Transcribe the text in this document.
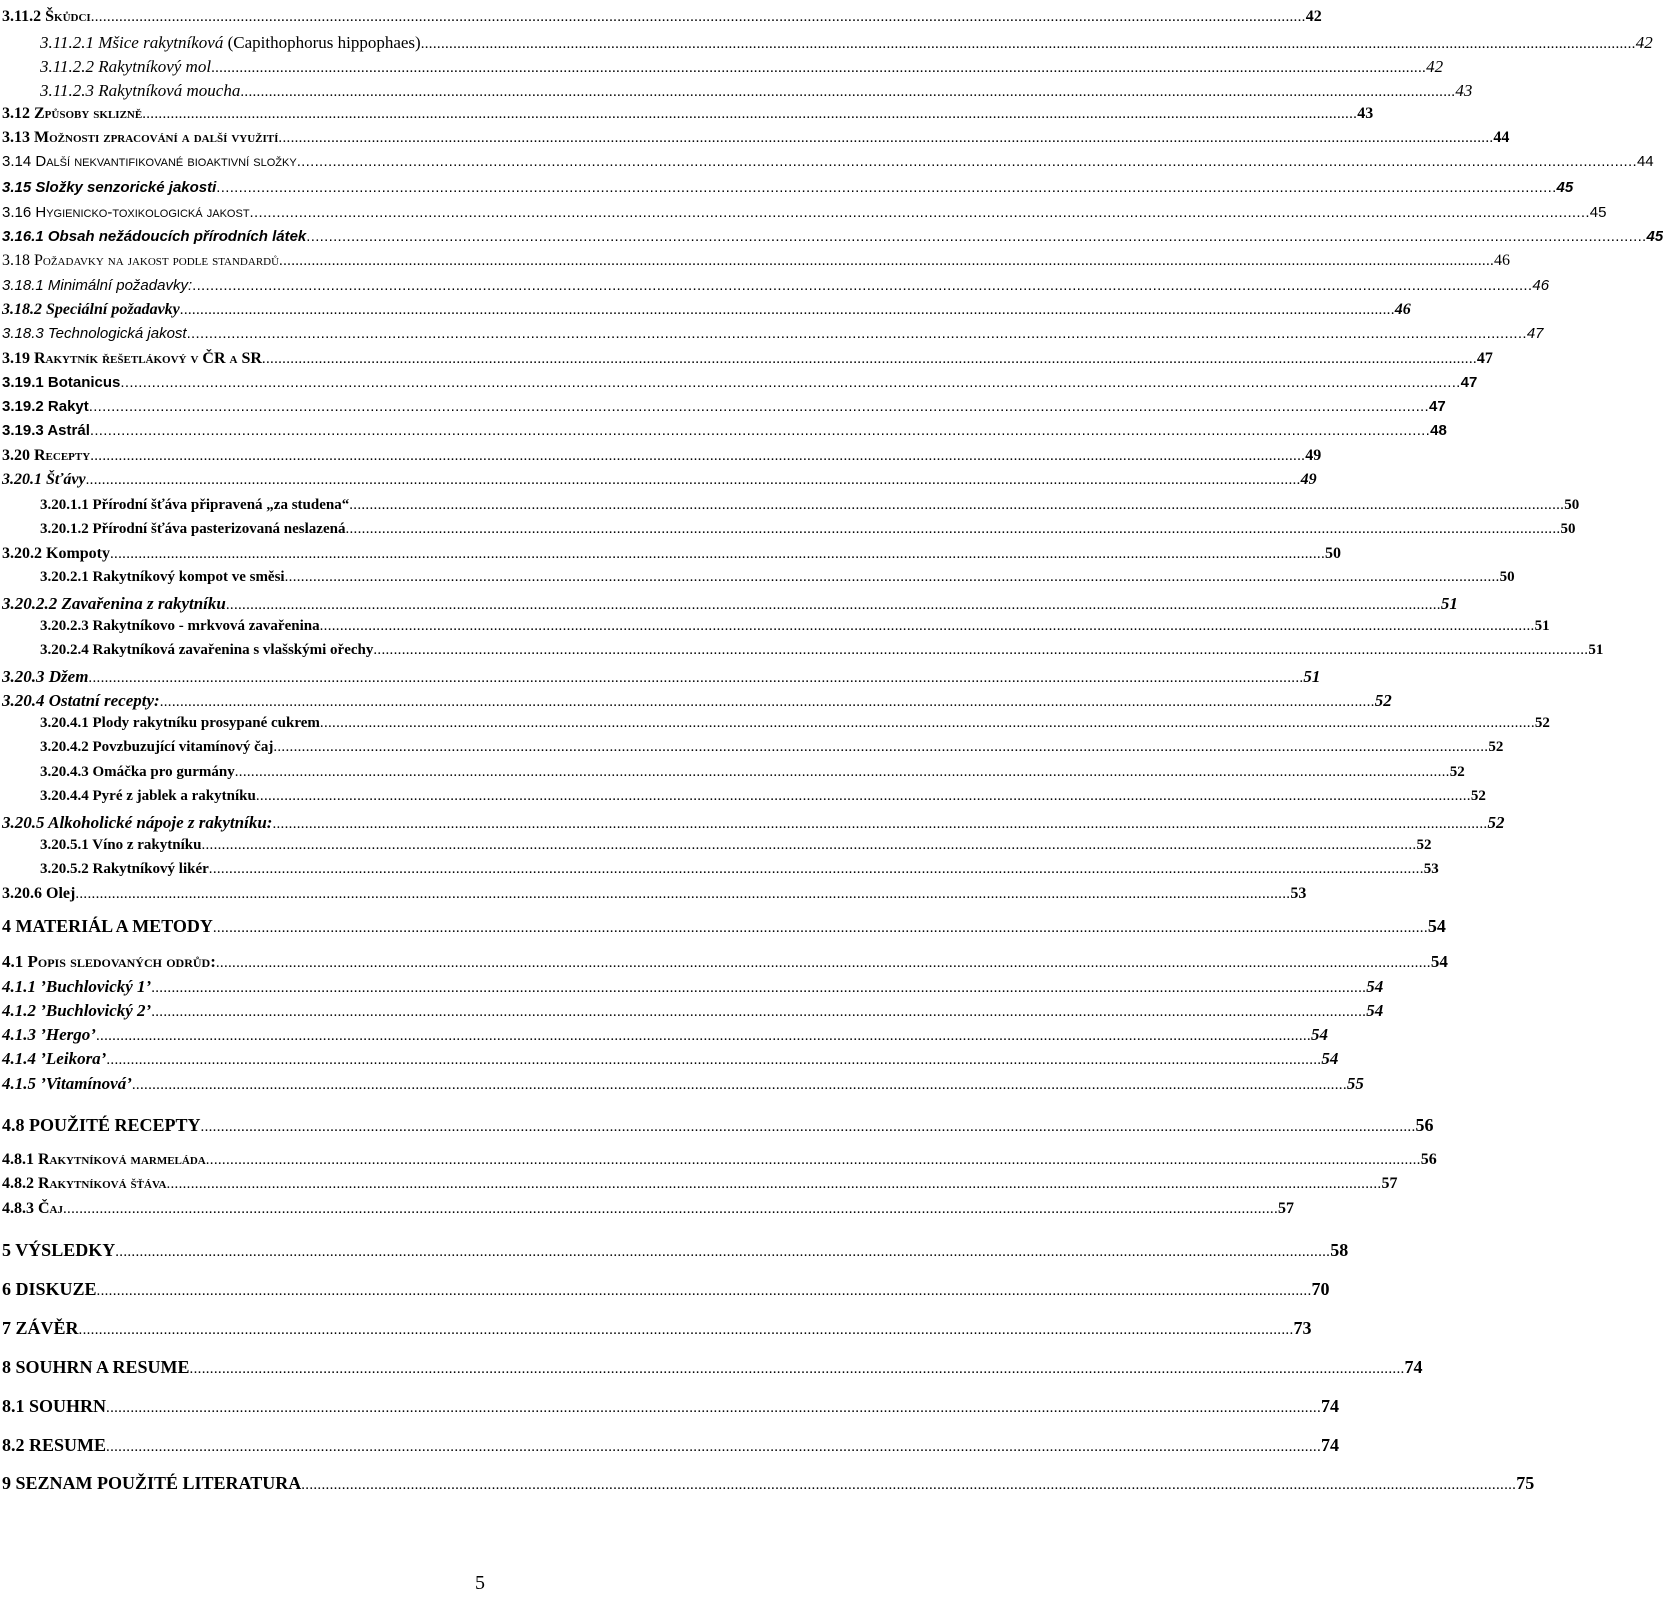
3.11.2 Škůdci ............................................................................................................................................................................................................................................................................................................ 42
3.11.2.1 Mšice rakytníková (Capithophorus hippophaes) ............................................................................................................................................................................................................................................................................................................ 42
3.11.2.2 Rakytníkový mol ............................................................................................................................................................................................................................................................................................................ 42
3.11.2.3 Rakytníková moucha ............................................................................................................................................................................................................................................................................................................ 43
3.12 Způsoby sklizně ............................................................................................................................................................................................................................................................................................................ 43
3.13 Možnosti zpracování a další využití ............................................................................................................................................................................................................................................................................................................ 44
3.14 Další nekvantifikované bioaktivní složky ............................................................................................................................................................................................................................................................................................................ 44
3.15 Složky senzorické jakosti ............................................................................................................................................................................................................................................................................................................ 45
3.16 Hygienicko-toxikologická jakost ............................................................................................................................................................................................................................................................................................................ 45
3.16.1 Obsah nežádoucích přírodních látek ............................................................................................................................................................................................................................................................................................................ 45
3.18 Požadavky na jakost podle standardů ............................................................................................................................................................................................................................................................................................................ 46
3.18.1 Minimální požadavky: ............................................................................................................................................................................................................................................................................................................ 46
3.18.2 Speciální požadavky ............................................................................................................................................................................................................................................................................................................ 46
3.18.3 Technologická jakost ............................................................................................................................................................................................................................................................................................................ 47
3.19 Rakytník řešetlákový v ČR a SR ............................................................................................................................................................................................................................................................................................................ 47
3.19.1 Botanicus ............................................................................................................................................................................................................................................................................................................ 47
3.19.2 Rakyt ............................................................................................................................................................................................................................................................................................................ 47
3.19.3 Astrál ............................................................................................................................................................................................................................................................................................................ 48
3.20 Recepty ............................................................................................................................................................................................................................................................................................................ 49
3.20.1 Šťávy ............................................................................................................................................................................................................................................................................................................ 49
3.20.1.1 Přírodní šťáva připravená „za studena“ ............................................................................................................................................................................................................................................................................................................ 50
3.20.1.2 Přírodní šťáva pasterizovaná neslazená ............................................................................................................................................................................................................................................................................................................ 50
3.20.2 Kompoty ............................................................................................................................................................................................................................................................................................................ 50
3.20.2.1 Rakytníkový kompot ve směsi ............................................................................................................................................................................................................................................................................................................ 50
3.20.2.2 Zavařenina z rakytníku ............................................................................................................................................................................................................................................................................................................ 51
3.20.2.3 Rakytníkovo - mrkvová zavařenina ............................................................................................................................................................................................................................................................................................................ 51
3.20.2.4 Rakytníková zavařenina s vlašskými ořechy ............................................................................................................................................................................................................................................................................................................ 51
3.20.3 Džem ............................................................................................................................................................................................................................................................................................................ 51
3.20.4 Ostatní recepty: ............................................................................................................................................................................................................................................................................................................ 52
3.20.4.1 Plody rakytníku prosypané cukrem ............................................................................................................................................................................................................................................................................................................ 52
3.20.4.2 Povzbuzující vitamínový čaj ............................................................................................................................................................................................................................................................................................................ 52
3.20.4.3 Omáčka pro gurmány ............................................................................................................................................................................................................................................................................................................ 52
3.20.4.4 Pyré z jablek a rakytníku ............................................................................................................................................................................................................................................................................................................ 52
3.20.5 Alkoholické nápoje z rakytníku: ............................................................................................................................................................................................................................................................................................................ 52
3.20.5.1 Víno z rakytníku ............................................................................................................................................................................................................................................................................................................ 52
3.20.5.2 Rakytníkový likér ............................................................................................................................................................................................................................................................................................................ 53
3.20.6 Olej ............................................................................................................................................................................................................................................................................................................ 53
4 MATERIÁL A METODY ............................................................................................................................................................................................................................................................................................................ 54
4.1 Popis sledovaných odrůd: ............................................................................................................................................................................................................................................................................................................ 54
4.1.1 ’Buchlovický 1’ ............................................................................................................................................................................................................................................................................................................ 54
4.1.2 ’Buchlovický 2’ ............................................................................................................................................................................................................................................................................................................ 54
4.1.3 ’Hergo’ ............................................................................................................................................................................................................................................................................................................ 54
4.1.4 ’Leikora’ ............................................................................................................................................................................................................................................................................................................ 54
4.1.5 ’Vitamínová’ ............................................................................................................................................................................................................................................................................................................ 55
4.8 POUŽITÉ RECEPTY ............................................................................................................................................................................................................................................................................................................ 56
4.8.1 Rakytníková marmeláda ............................................................................................................................................................................................................................................................................................................ 56
4.8.2 Rakytníková šťáva ............................................................................................................................................................................................................................................................................................................ 57
4.8.3 Čaj ............................................................................................................................................................................................................................................................................................................ 57
5 VÝSLEDKY ............................................................................................................................................................................................................................................................................................................ 58
6 DISKUZE ............................................................................................................................................................................................................................................................................................................ 70
7 ZÁVĚR ............................................................................................................................................................................................................................................................................................................ 73
8 SOUHRN A RESUME ............................................................................................................................................................................................................................................................................................................ 74
8.1 SOUHRN ............................................................................................................................................................................................................................................................................................................ 74
8.2 RESUME ............................................................................................................................................................................................................................................................................................................ 74
9 SEZNAM POUŽITÉ LITERATURA ............................................................................................................................................................................................................................................................................................................ 75
5
